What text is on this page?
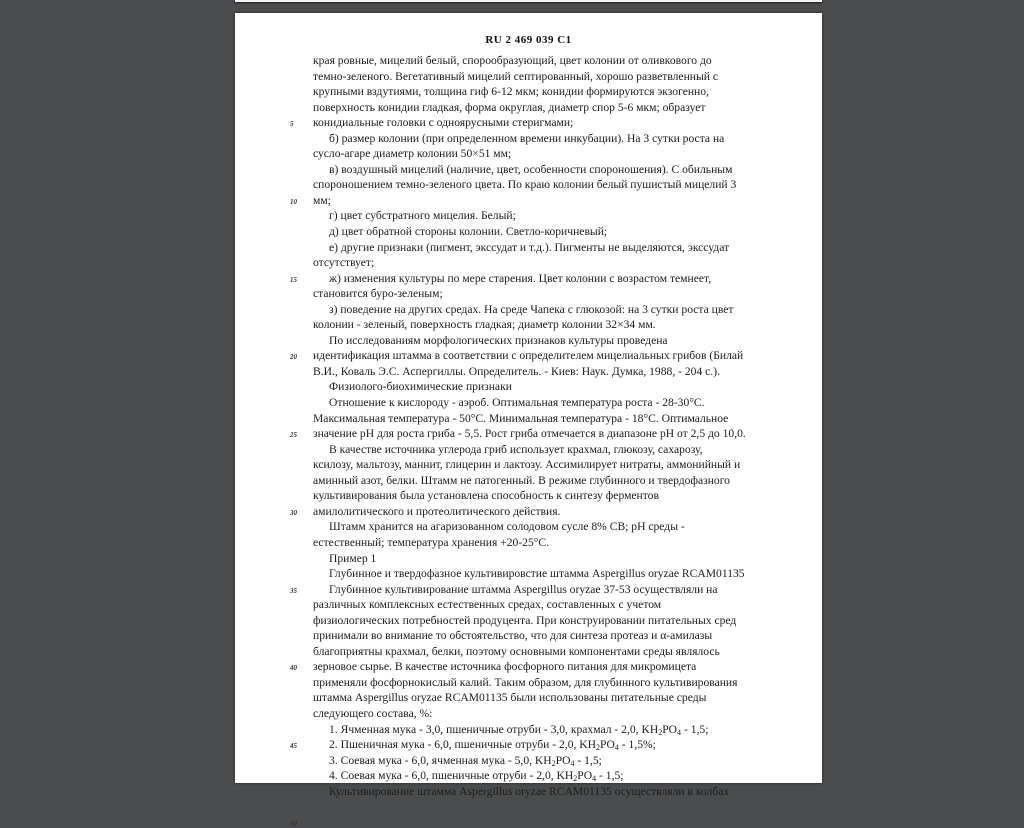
RU 2 469 039 C1
5
10
15
20
25
30
35
40
45
50
края ровные, мицелий белый, спорообразующий, цвет колонии от оливкового до
темно-зеленого. Вегетативный мицелий септированный, хорошо разветвленный с
крупными вздутиями, толщина гиф 6-12 мкм; конидии формируются экзогенно,
поверхность конидии гладкая, форма округлая, диаметр спор 5-6 мкм; образует
конидиальные головки с одноярусными стеригмами;
б) размер колонии (при определенном времени инкубации). На 3 сутки роста на
сусло-агаре диаметр колонии 50×51 мм;
в) воздушный мицелий (наличие, цвет, особенности спороношения). С обильным
спороношением темно-зеленого цвета. По краю колонии белый пушистый мицелий 3
мм;
г) цвет субстратного мицелия. Белый;
д) цвет обратной стороны колонии. Светло-коричневый;
е) другие признаки (пигмент, экссудат и т.д.). Пигменты не выделяются, экссудат
отсутствует;
ж) изменения культуры по мере старения. Цвет колонии с возрастом темнеет,
становится буро-зеленым;
з) поведение на других средах. На среде Чапека с глюкозой: на 3 сутки роста цвет
колонии - зеленый, поверхность гладкая; диаметр колонии 32×34 мм.
По исследованиям морфологических признаков культуры проведена
идентификация штамма в соответствии с определителем мицелиальных грибов (Билай
В.И., Коваль Э.С. Аспергиллы. Определитель. - Киев: Наук. Думка, 1988, - 204 с.).
Физиолого-биохимические признаки
Отношение к кислороду - аэроб. Оптимальная температура роста - 28-30°С.
Максимальная температура - 50°С. Минимальная температура - 18°С. Оптимальное
значение pH для роста гриба - 5,5. Рост гриба отмечается в диапазоне pH от 2,5 до 10,0.
В качестве источника углерода гриб использует крахмал, глюкозу, сахарозу,
ксилозу, мальтозу, маннит, глицерин и лактозу. Ассимилирует нитраты, аммонийный и
аминный азот, белки. Штамм не патогенный. В режиме глубинного и твердофазного
культивирования была установлена способность к синтезу ферментов
амилолитического и протеолитического действия.
Штамм хранится на агаризованном солодовом сусле 8% СВ; pH среды -
естественный; температура хранения +20-25°С.
Пример 1
Глубинное и твердофазное культивировстие штамма Aspergillus oryzae RCAM01135
Глубинное культивирование штамма Aspergillus oryzae 37-53 осуществляли на
различных комплексных естественных средах, составленных с учетом
физиологических потребностей продуцента. При конструировании питательных сред
принимали во внимание то обстоятельство, что для синтеза протеаз и α-амилазы
благоприятны крахмал, белки, поэтому основными компонентами среды являлось
зерновое сырье. В качестве источника фосфорного питания для микромицета
применяли фосфорнокислый калий. Таким образом, для глубинного культивирования
штамма Aspergillus oryzae RCAM01135 были использованы питательные среды
следующего состава, %:
1. Ячменная мука - 3,0, пшеничные отруби - 3,0, крахмал - 2,0, $KH_2PO_4 - 1,5$;
2. Пшеничная мука - 6,0, пшеничные отруби - 2,0, $KH_2PO_4 - 1,5\%$;
3. Соевая мука - 6,0, ячменная мука - 5,0, $KH_2PO_4 - 1,5$;
4. Соевая мука - 6,0, пшеничные отруби - 2,0, $KH_2PO_4 - 1,5$;
Культивирование штамма Aspergillus oryzae RCAM01135 осуществляли в колбах
